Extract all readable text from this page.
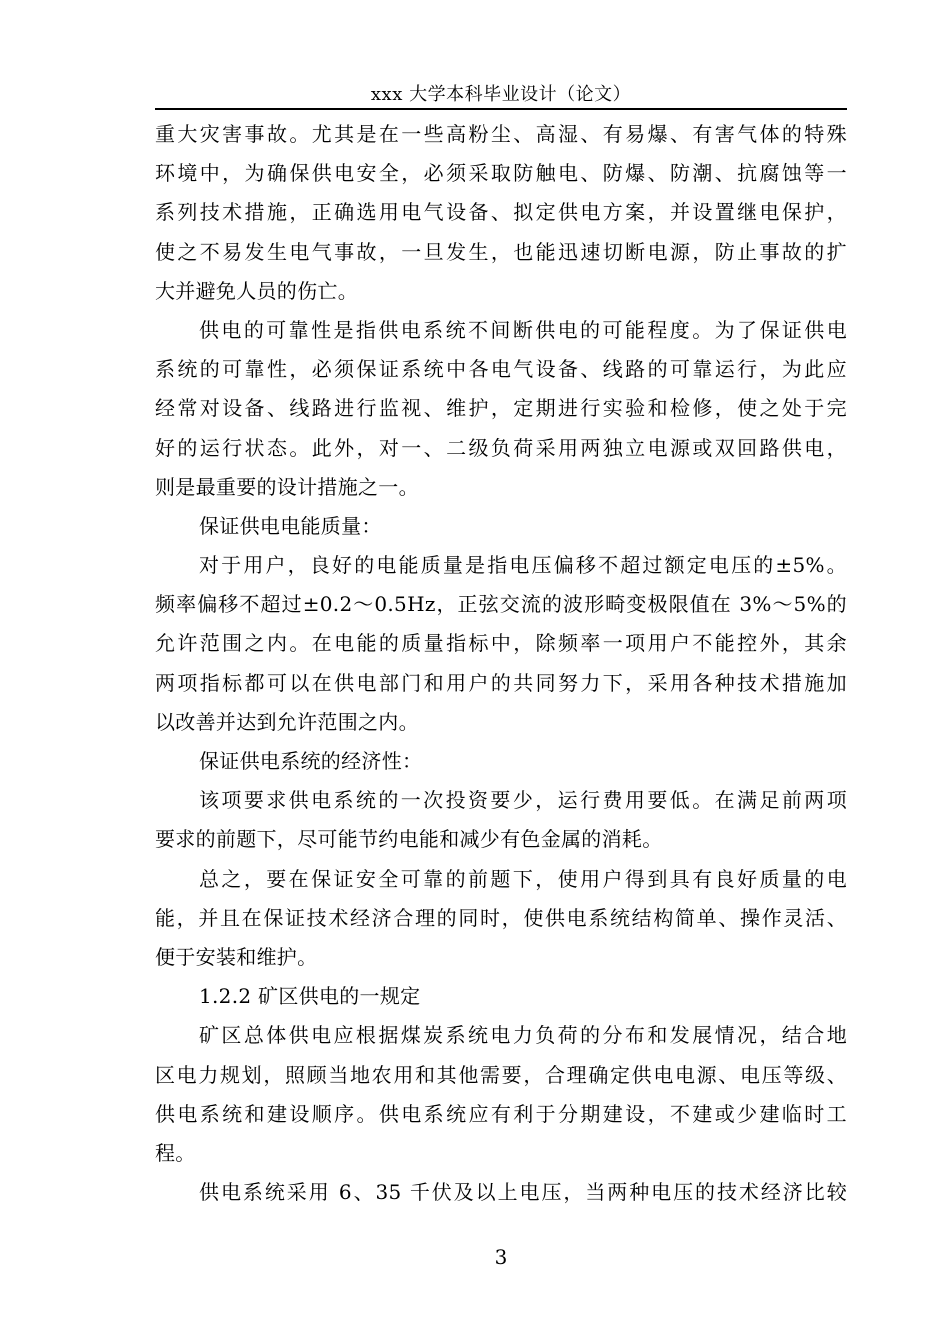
xxx 大学本科毕业设计（论文）
重大灾害事故。尤其是在一些高粉尘、高湿、有易爆、有害气体的特殊
环境中，为确保供电安全，必须采取防触电、防爆、防潮、抗腐蚀等一
系列技术措施，正确选用电气设备、拟定供电方案，并设置继电保护，
使之不易发生电气事故，一旦发生，也能迅速切断电源，防止事故的扩
大并避免人员的伤亡。
供电的可靠性是指供电系统不间断供电的可能程度。为了保证供电
系统的可靠性，必须保证系统中各电气设备、线路的可靠运行，为此应
经常对设备、线路进行监视、维护，定期进行实验和检修，使之处于完
好的运行状态。此外，对一、二级负荷采用两独立电源或双回路供电，
则是最重要的设计措施之一。
保证供电电能质量：
对于用户，良好的电能质量是指电压偏移不超过额定电压的±5%。
频率偏移不超过±0.2～0.5Hz，正弦交流的波形畸变极限值在 3%～5%的
允许范围之内。在电能的质量指标中，除频率一项用户不能控外，其余
两项指标都可以在供电部门和用户的共同努力下，采用各种技术措施加
以改善并达到允许范围之内。
保证供电系统的经济性：
该项要求供电系统的一次投资要少，运行费用要低。在满足前两项
要求的前题下，尽可能节约电能和减少有色金属的消耗。
总之，要在保证安全可靠的前题下，使用户得到具有良好质量的电
能，并且在保证技术经济合理的同时，使供电系统结构简单、操作灵活、
便于安装和维护。
1.2.2 矿区供电的一规定
矿区总体供电应根据煤炭系统电力负荷的分布和发展情况，结合地
区电力规划，照顾当地农用和其他需要，合理确定供电电源、电压等级、
供电系统和建设顺序。供电系统应有利于分期建设，不建或少建临时工
程。
供电系统采用 6、35 千伏及以上电压，当两种电压的技术经济比较
3
